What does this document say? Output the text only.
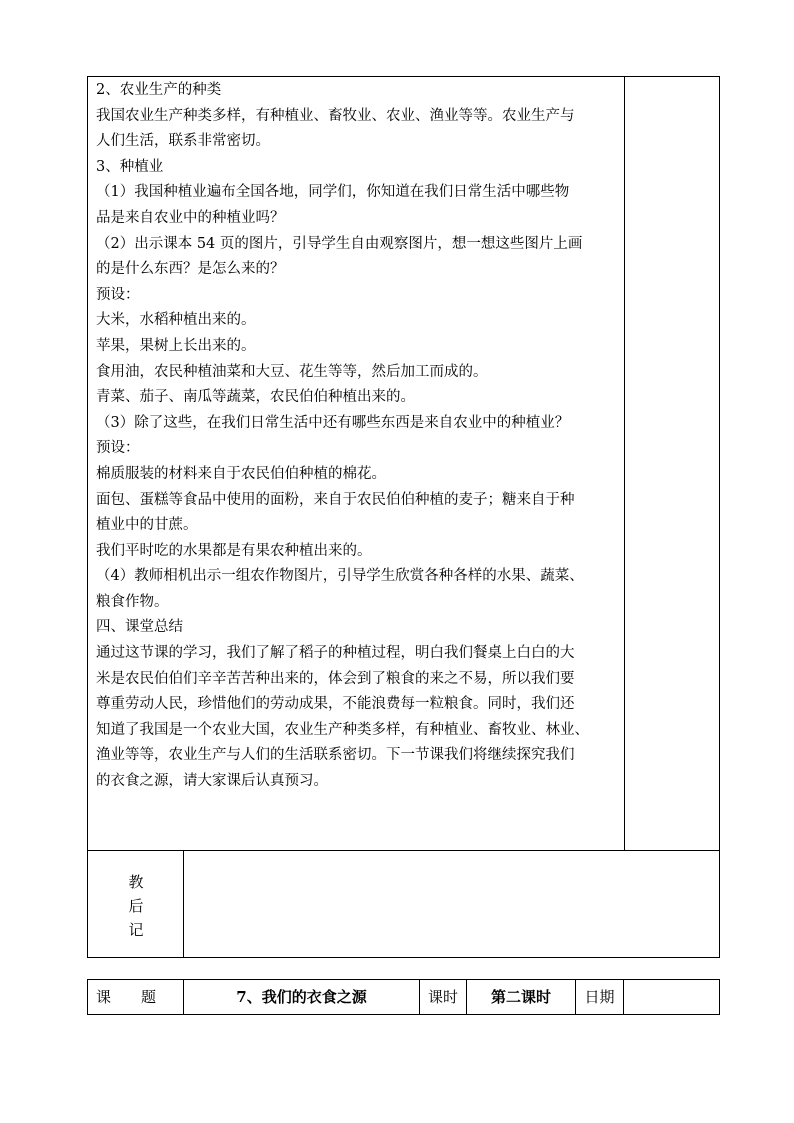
2、农业生产的种类

我国农业生产种类多样，有种植业、畜牧业、农业、渔业等等。农业生产与

人们生活，联系非常密切。

3、种植业

（1）我国种植业遍布全国各地，同学们，你知道在我们日常生活中哪些物

品是来自农业中的种植业吗？

（2）出示课本 54 页的图片，引导学生自由观察图片，想一想这些图片上画

的是什么东西？是怎么来的？

预设：

大米，水稻种植出来的。

苹果，果树上长出来的。

食用油，农民种植油菜和大豆、花生等等，然后加工而成的。

青菜、茄子、南瓜等蔬菜，农民伯伯种植出来的。

（3）除了这些，在我们日常生活中还有哪些东西是来自农业中的种植业？

预设：

棉质服装的材料来自于农民伯伯种植的棉花。

面包、蛋糕等食品中使用的面粉，来自于农民伯伯种植的麦子；糖来自于种

植业中的甘蔗。

我们平时吃的水果都是有果农种植出来的。

（4）教师相机出示一组农作物图片，引导学生欣赏各种各样的水果、蔬菜、

粮食作物。

四、课堂总结

通过这节课的学习，我们了解了稻子的种植过程，明白我们餐桌上白白的大

米是农民伯伯们辛辛苦苦种出来的，体会到了粮食的来之不易，所以我们要

尊重劳动人民，珍惜他们的劳动成果，不能浪费每一粒粮食。同时，我们还

知道了我国是一个农业大国，农业生产种类多样，有种植业、畜牧业、林业、

渔业等等，农业生产与人们的生活联系密切。下一节课我们将继续探究我们

的衣食之源，请大家课后认真预习。

教
后
记
课　　题	7、我们的衣食之源	课时	第二课时	日期
